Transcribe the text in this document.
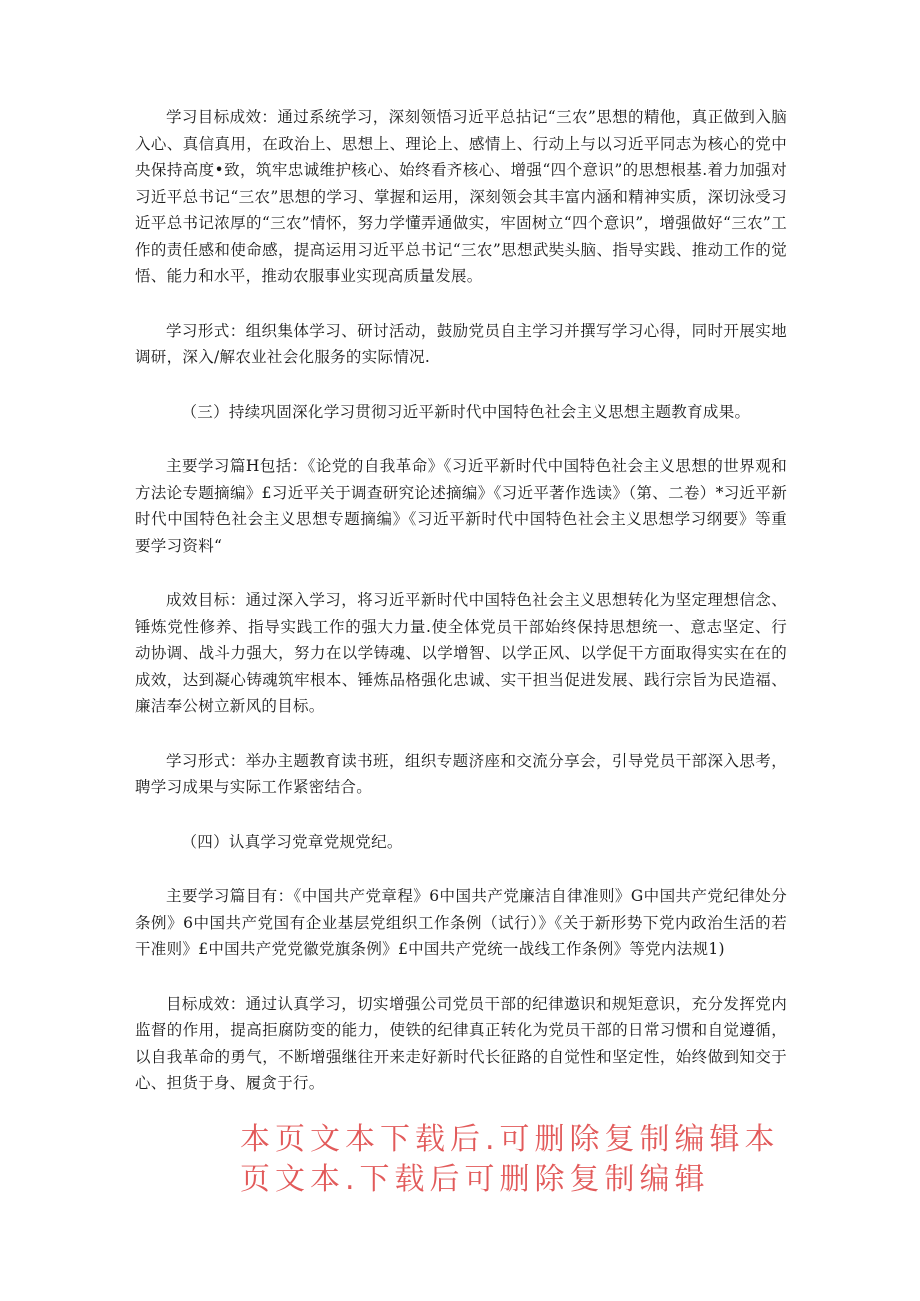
学习目标成效：通过系统学习，深刻领悟习近平总拈记“三农”思想的精他，真正做到入脑入心、真信真用，在政治上、思想上、理论上、感情上、行动上与以习近平同志为核心的党中央保持高度•致，筑牢忠诚维护核心、始终看齐核心、增强“四个意识”的思想根基.着力加强对习近平总书记“三农”思想的学习、掌握和运用，深刻领会其丰富内涵和精神实质，深切泳受习近平总书记浓厚的“三农”情怀，努力学懂弄通做实，牢固树立“四个意识”，增强做好“三农”工作的责任感和使命感，提高运用习近平总书记“三农”思想武奘头脑、指导实践、推动工作的觉悟、能力和水平，推动农服事业实现高质量发展。

学习形式：组织集体学习、研讨活动，鼓励党员自主学习并撰写学习心得，同时开展实地调研，深入/解农业社会化服务的实际情况.

（三）持续巩固深化学习贯彻习近平新时代中国特色社会主义思想主题教育成果。

主要学习篇H包括：《论党的自我革命》《习近平新时代中国特色社会主义思想的世界观和方法论专题摘编》£习近平关于调查研究论述摘编》《习近平著作选读》（第、二卷）*习近平新时代中国特色社会主义思想专题摘编》《习近平新时代中国特色社会主义思想学习纲要》等重要学习资料“

成效目标：通过深入学习，将习近平新时代中国特色社会主义思想转化为坚定理想信念、锤炼党性修养、指导实践工作的强大力量.使全体党员干部始终保持思想统一、意志坚定、行动协调、战斗力强大，努力在以学铸魂、以学增智、以学正风、以学促干方面取得实实在在的成效，达到凝心铸魂筑牢根本、锤炼品格强化忠诚、实干担当促进发展、践行宗旨为民造福、廉洁奉公树立新风的目标。

学习形式：举办主题教育读书班，组织专题济座和交流分享会，引导党员干部深入思考，聘学习成果与实际工作紧密结合。

（四）认真学习党章党规党纪。

主要学习篇目有：《中国共产党章程》6中国共产党廉洁自律准则》G中国共产党纪律处分条例》6中国共产党国有企业基层党组织工作条例（试行）》《关于新形势下党内政治生活的若干准则》£中国共产党党徽党旗条例》£中国共产党统一战线工作条例》等党内法规1)

目标成效：通过认真学习，切实增强公司党员干部的纪律遨识和规矩意识，充分发挥党内监督的作用，提高拒腐防变的能力，使铁的纪律真正转化为党员干部的日常习惯和自觉遵循，以自我革命的勇气，不断增强继往开来走好新时代长征路的自觉性和坚定性，始终做到知交于心、担货于身、履贪于行。

本页文本下载后.可删除复制编辑本页文本.下载后可删除复制编辑
